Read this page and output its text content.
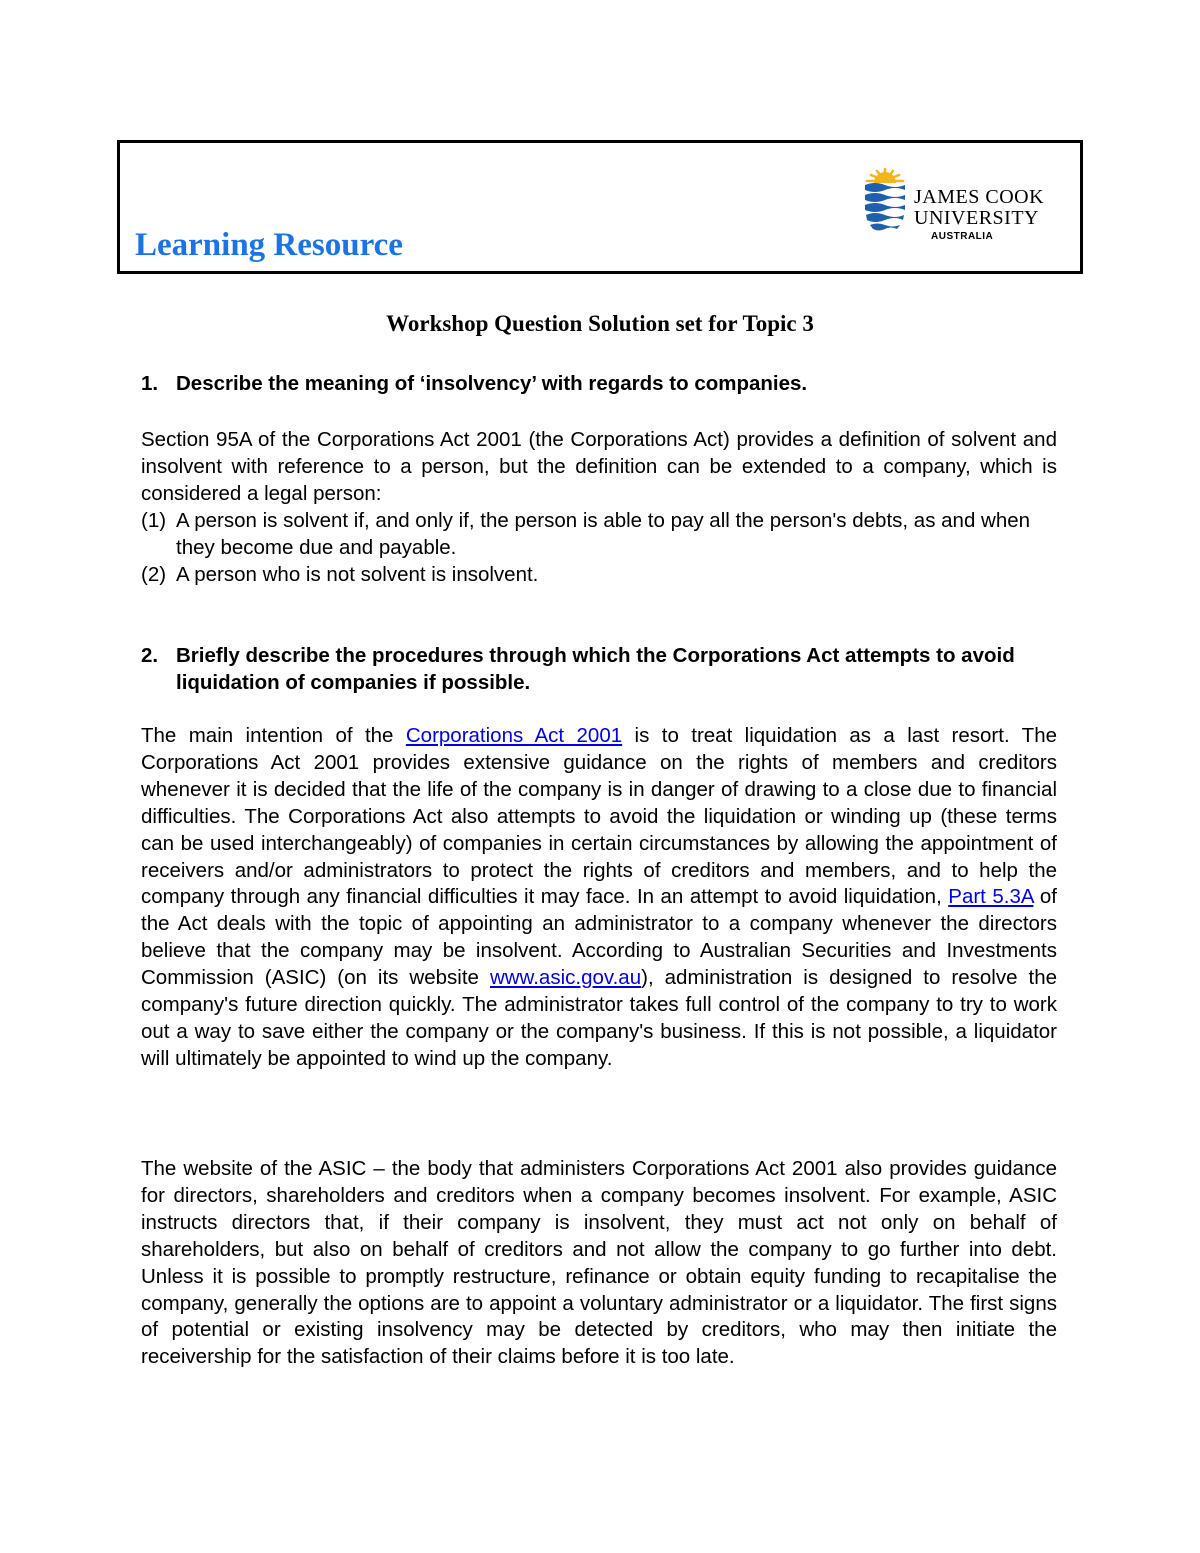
Learning Resource
JAMES COOK
UNIVERSITY
AUSTRALIA
Workshop Question Solution set for Topic 3
1. Describe the meaning of ‘insolvency’ with regards to companies.
Section 95A of the Corporations Act 2001 (the Corporations Act) provides a definition of solvent and insolvent with reference to a person, but the definition can be extended to a company, which is considered a legal person:
(1) A person is solvent if, and only if, the person is able to pay all the person's debts, as and when they become due and payable.
(2) A person who is not solvent is insolvent.
2. Briefly describe the procedures through which the Corporations Act attempts to avoid liquidation of companies if possible.
The main intention of the Corporations Act 2001 is to treat liquidation as a last resort. The Corporations Act 2001 provides extensive guidance on the rights of members and creditors whenever it is decided that the life of the company is in danger of drawing to a close due to financial difficulties. The Corporations Act also attempts to avoid the liquidation or winding up (these terms can be used interchangeably) of companies in certain circumstances by allowing the appointment of receivers and/or administrators to protect the rights of creditors and members, and to help the company through any financial difficulties it may face. In an attempt to avoid liquidation, Part 5.3A of the Act deals with the topic of appointing an administrator to a company whenever the directors believe that the company may be insolvent. According to Australian Securities and Investments Commission (ASIC) (on its website www.asic.gov.au), administration is designed to resolve the company's future direction quickly. The administrator takes full control of the company to try to work out a way to save either the company or the company's business. If this is not possible, a liquidator will ultimately be appointed to wind up the company.
The website of the ASIC – the body that administers Corporations Act 2001 also provides guidance for directors, shareholders and creditors when a company becomes insolvent. For example, ASIC instructs directors that, if their company is insolvent, they must act not only on behalf of shareholders, but also on behalf of creditors and not allow the company to go further into debt. Unless it is possible to promptly restructure, refinance or obtain equity funding to recapitalise the company, generally the options are to appoint a voluntary administrator or a liquidator. The first signs of potential or existing insolvency may be detected by creditors, who may then initiate the receivership for the satisfaction of their claims before it is too late.
